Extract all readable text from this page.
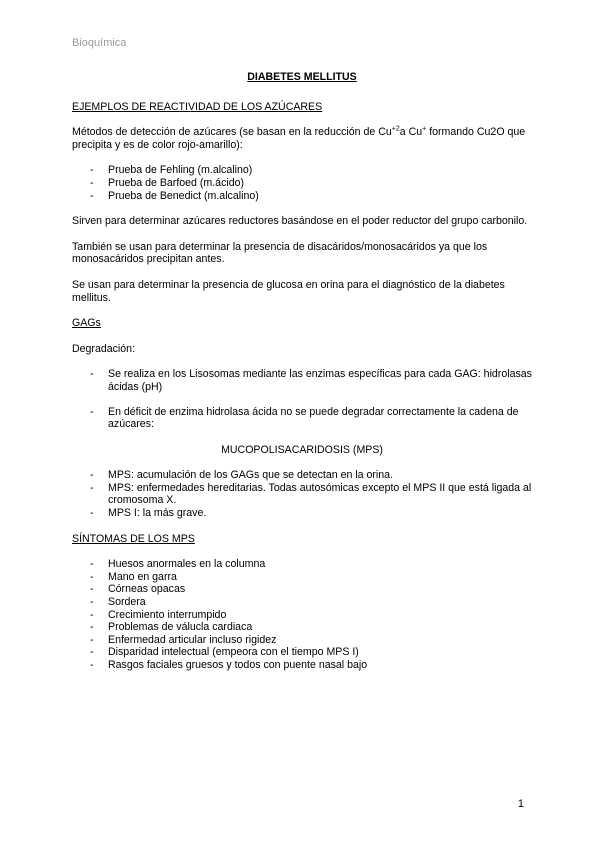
Bioquímica
DIABETES MELLITUS
EJEMPLOS DE REACTIVIDAD DE LOS AZÚCARES

Métodos de detección de azúcares (se basan en la reducción de $Cu^{+2}a$ Cu+ formando Cu2O que precipita y es de color rojo-amarillo):

- Prueba de Fehling (m.alcalino)
- Prueba de Barfoed (m.ácido)
- Prueba de Benedict (m.alcalino)

Sirven para determinar azúcares reductores basándose en el poder reductor del grupo carbonilo.

También se usan para determinar la presencia de disacáridos/monosacáridos ya que los monosacáridos precipitan antes.

Se usan para determinar la presencia de glucosa en orina para el diagnóstico de la diabetes mellitus.

GAGs

Degradación:

- Se realiza en los Lisosomas mediante las enzimas específicas para cada GAG: hidrolasas ácidas (pH)
- En déficit de enzima hidrolasa ácida no se puede degradar correctamente la cadena de azúcares:
MUCOPOLISACARIDOSIS (MPS)
- MPS: acumulación de los GAGs que se detectan en la orina.
- MPS: enfermedades hereditarias. Todas autosómicas excepto el MPS II que está ligada al cromosoma X.
- MPS I: la más grave.
SÍNTOMAS DE LOS MPS
- Huesos anormales en la columna
- Mano en garra
- Córneas opacas
- Sordera
- Crecimiento interrumpido
- Problemas de válucla cardiaca
- Enfermedad articular incluso rigidez
- Disparidad intelectual (empeora con el tiempo MPS I)
- Rasgos faciales gruesos y todos con puente nasal bajo
1
